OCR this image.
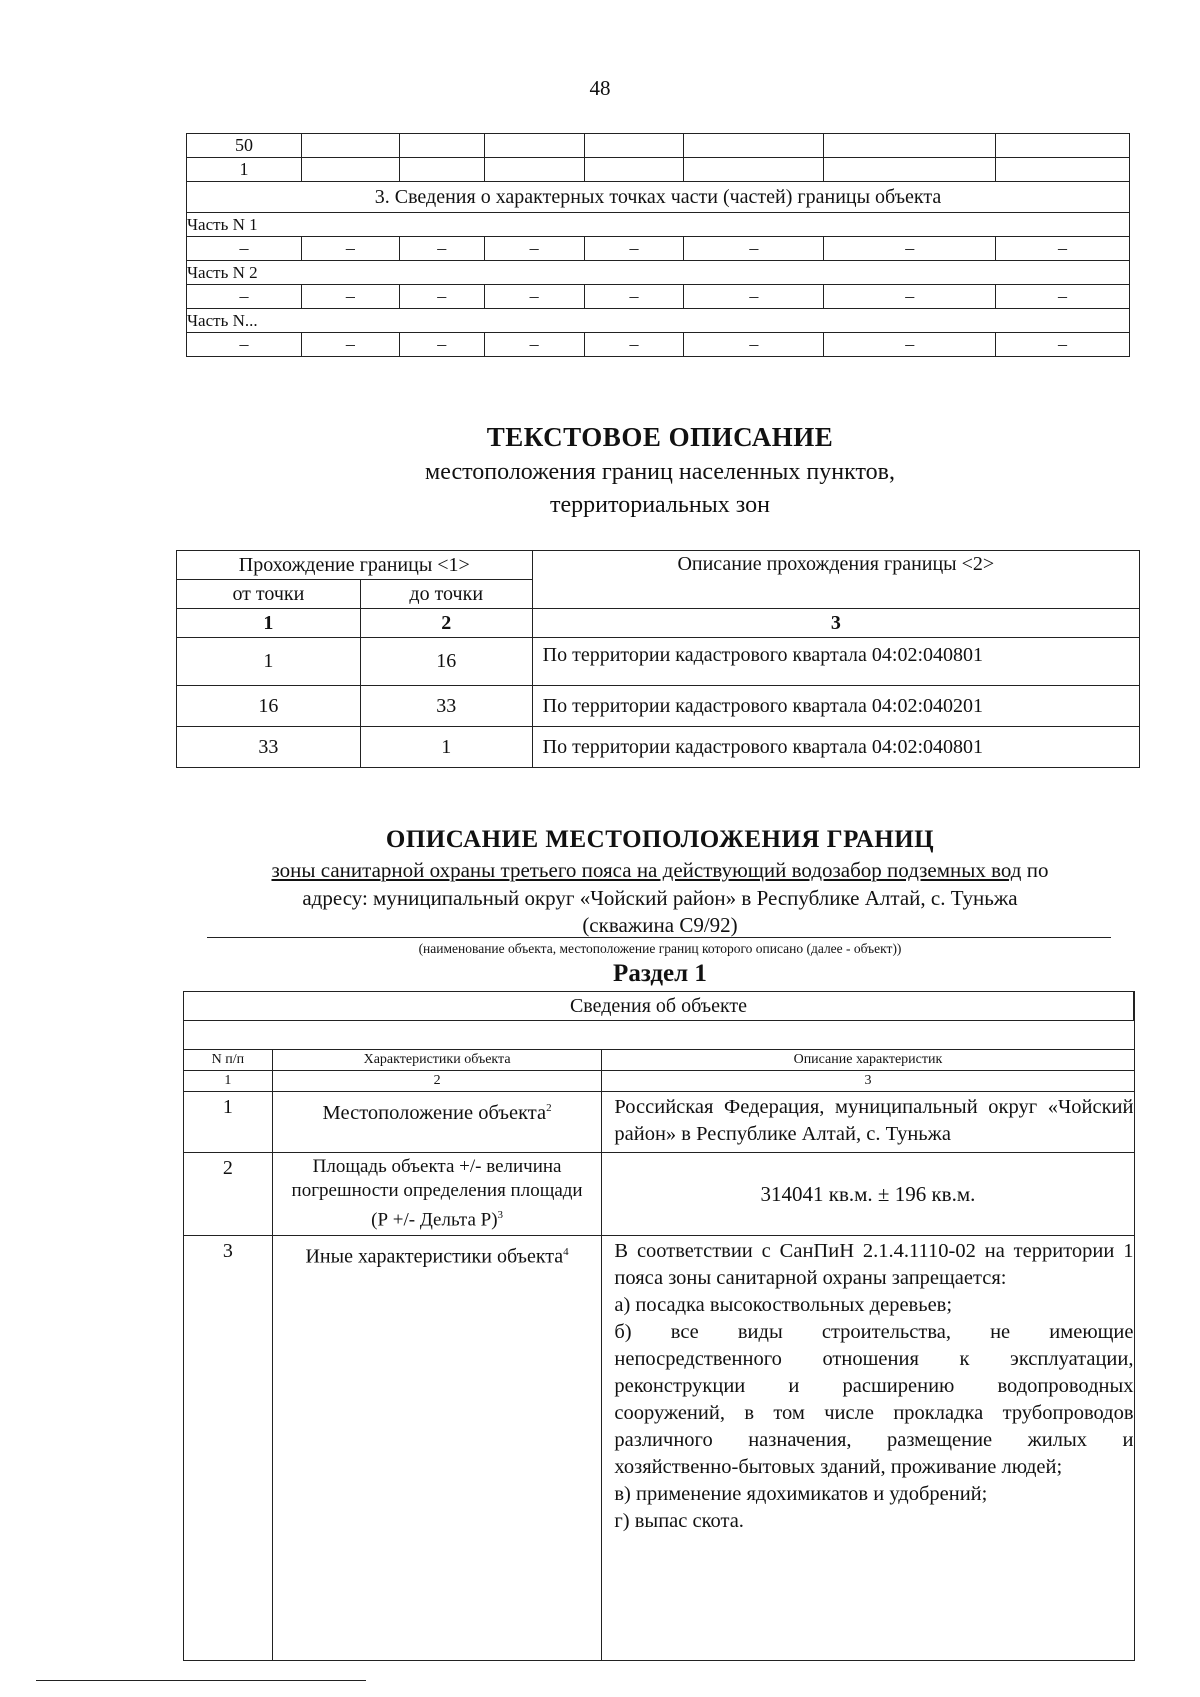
48
50							
1							
3. Сведения о характерных точках части (частей) границы объекта							
Часть N 1							
–	–	–	–	–	–	–	–
Часть N 2							
–	–	–	–	–	–	–	–
Часть N...							
–	–	–	–	–	–	–	–
ТЕКСТОВОЕ ОПИСАНИЕ
местоположения границ населенных пунктов,
территориальных зон
Прохождение границы <1>		Описание прохождения границы <2>
от точки	до точки	
1	2	3
1	16	По территории кадастрового квартала 04:02:040801
16	33	По территории кадастрового квартала 04:02:040201
33	1	По территории кадастрового квартала 04:02:040801
ОПИСАНИЕ МЕСТОПОЛОЖЕНИЯ ГРАНИЦ
зоны санитарной охраны третьего пояса на действующий водозабор подземных вод по
адресу: муниципальный округ «Чойский район» в Республике Алтай, с. Туньжа
(скважина С9/92)
(наименование объекта, местоположение границ которого описано (далее - объект))
Раздел 1
Сведения об объекте		

N п/п	Характеристики объекта	Описание характеристик
1	2	3
1	Местоположение объекта$^2$	Российская Федерация, муниципальный округ «Чойский район» в Республике Алтай, с. Туньжа
2	Площадь объекта +/- величина погрешности определения площади (Р +/- Дельта Р)$^3$	314041 кв.м. ± 196 кв.м.
3	Иные характеристики объекта$^4$	В соответствии с СанПиН 2.1.4.1110-02 на территории 1 пояса зоны санитарной охраны запрещается:
а) посадка высокоствольных деревьев;
б) все виды строительства, не имеющие непосредственного отношения к эксплуатации, реконструкции и расширению водопроводных сооружений, в том числе прокладка трубопроводов различного назначения, размещение жилых и хозяйственно-бытовых зданий, проживание людей;
в) применение ядохимикатов и удобрений;
г) выпас скота.
